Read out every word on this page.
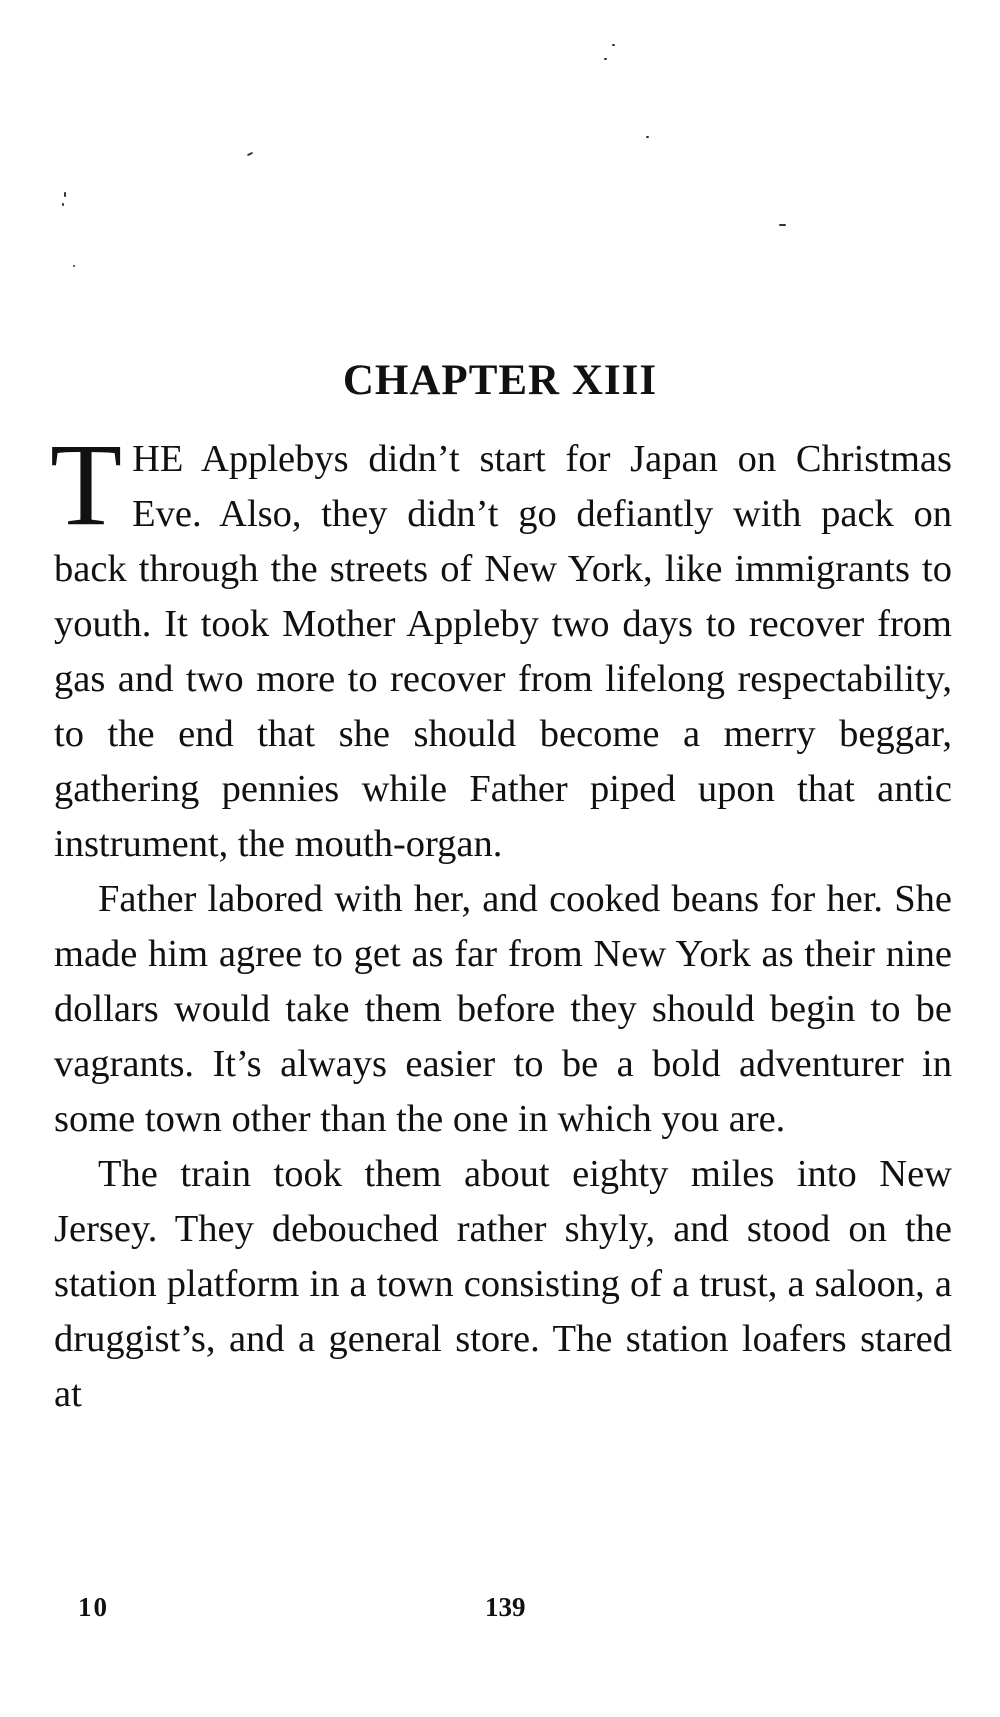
CHAPTER XIII

THE Applebys didn’t start for Japan on Christmas Eve. Also, they didn’t go defiantly with pack on back through the streets of New York, like immigrants to youth. It took Mother Appleby two days to recover from gas and two more to recover from lifelong respectability, to the end that she should become a merry beggar, gathering pennies while Father piped upon that antic instrument, the mouth-organ.

Father labored with her, and cooked beans for her. She made him agree to get as far from New York as their nine dollars would take them before they should begin to be vagrants. It’s always easier to be a bold adventurer in some town other than the one in which you are.

The train took them about eighty miles into New Jersey. They debouched rather shyly, and stood on the station platform in a town consisting of a trust, a saloon, a druggist’s, and a general store. The station loafers stared at

10	139
